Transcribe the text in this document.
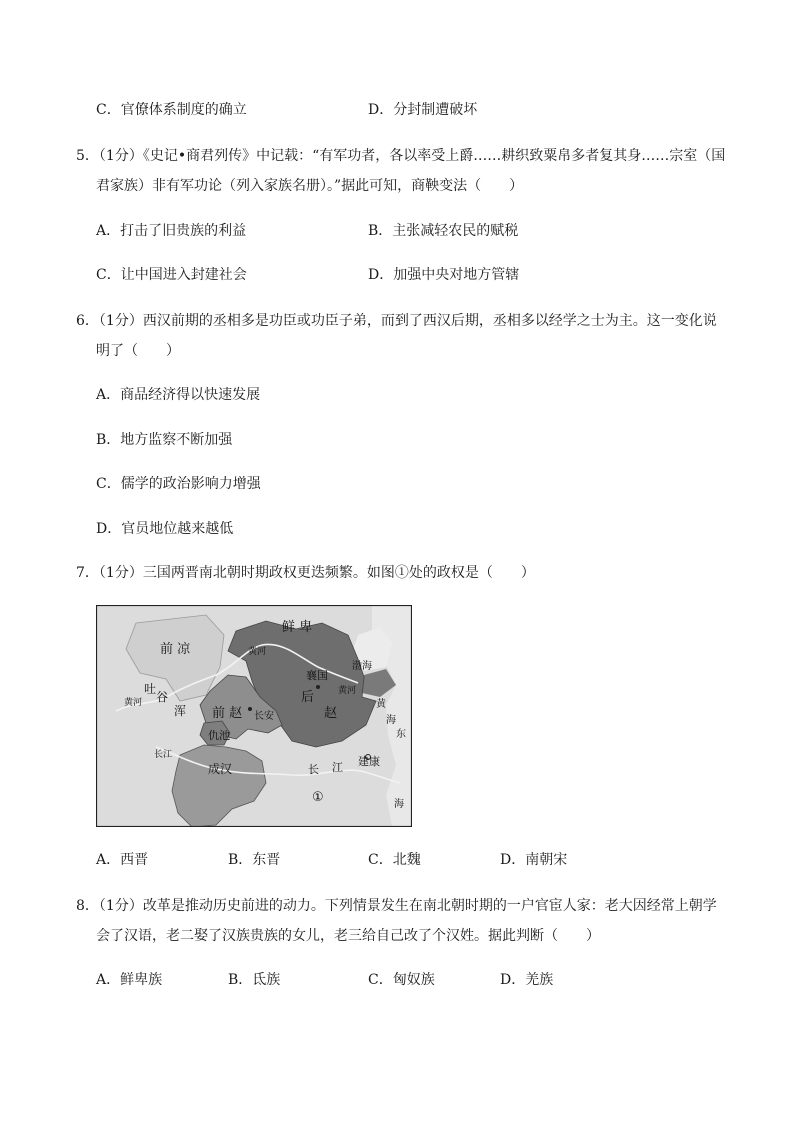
C．官僚体系制度的确立	D．分封制遭破坏
5．（1分）《史记•商君列传》中记载：“有军功者，各以率受上爵……耕织致粟帛多者复其身……宗室（国
君家族）非有军功论（列入家族名册）。”据此可知，商鞅变法（　　）
A．打击了旧贵族的利益	B．主张减轻农民的赋税
C．让中国进入封建社会	D．加强中央对地方管辖
6．（1分）西汉前期的丞相多是功臣或功臣子弟，而到了西汉后期，丞相多以经学之士为主。这一变化说
明了（　　）
A．商品经济得以快速发展
B．地方监察不断加强
C．儒学的政治影响力增强
D．官员地位越来越低
7．（1分）三国两晋南北朝时期政权更迭频繁。如图①处的政权是（　　）
鲜 卑
前 凉	黄河
渤海
襄国
后
赵
黄河
吐
谷
浑
黄河
前 赵 长安
黄
海
东
海
仇池
长江
成汉	长 江 建康
①
A．西晋	B．东晋	C．北魏	D．南朝宋
8．（1分）改革是推动历史前进的动力。下列情景发生在南北朝时期的一户官宦人家：老大因经常上朝学
会了汉语，老二娶了汉族贵族的女儿，老三给自己改了个汉姓。据此判断（　　）
A．鲜卑族	B．氐族	C．匈奴族	D．羌族
